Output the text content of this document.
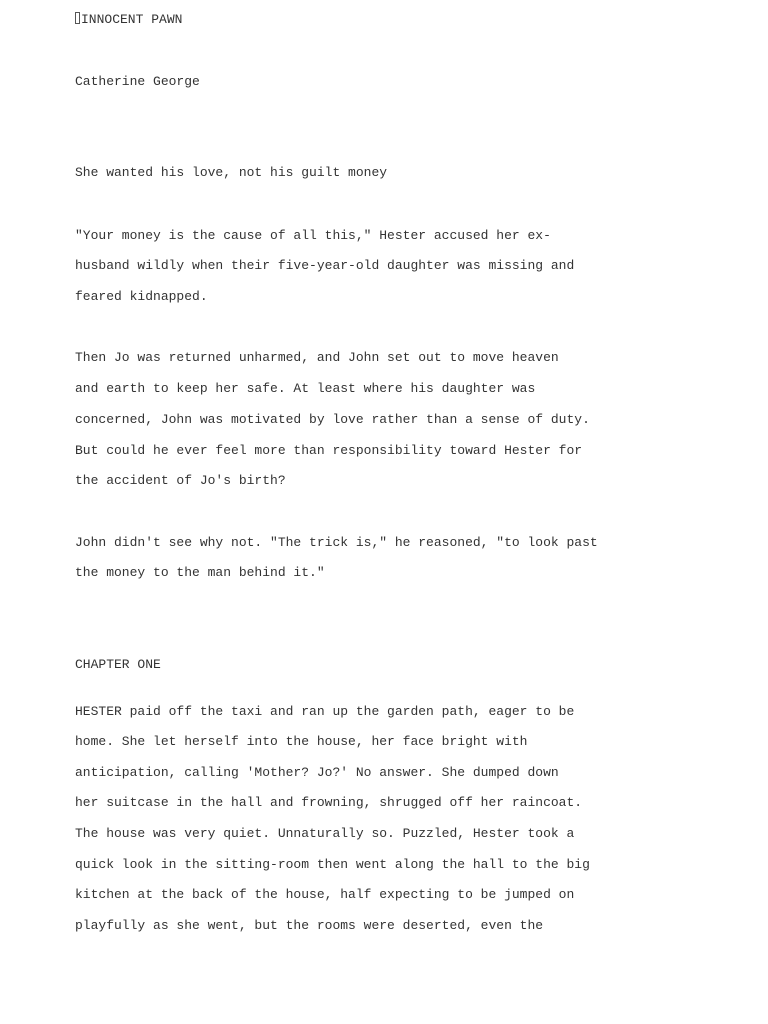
INNOCENT PAWN
Catherine George
She wanted his love, not his guilt money
"Your money is the cause of all this," Hester accused her ex-
husband wildly when their five-year-old daughter was missing and
feared kidnapped.
Then Jo was returned unharmed, and John set out to move heaven
and earth to keep her safe. At least where his daughter was
concerned, John was motivated by love rather than a sense of duty.
But could he ever feel more than responsibility toward Hester for
the accident of Jo's birth?
John didn't see why not. "The trick is," he reasoned, "to look past
the money to the man behind it."
CHAPTER ONE
HESTER paid off the taxi and ran up the garden path, eager to be
home. She let herself into the house, her face bright with
anticipation, calling 'Mother? Jo?' No answer. She dumped down
her suitcase in the hall and frowning, shrugged off her raincoat.
The house was very quiet. Unnaturally so. Puzzled, Hester took a
quick look in the sitting-room then went along the hall to the big
kitchen at the back of the house, half expecting to be jumped on
playfully as she went, but the rooms were deserted, even the
